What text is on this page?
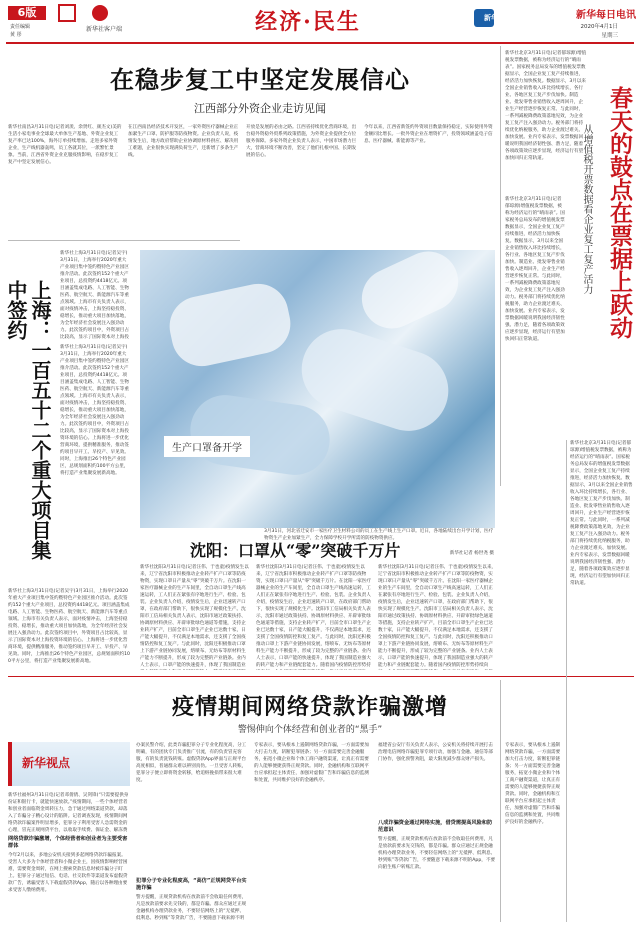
6版
责任编辑
黄 彤
新华社客户端	经济·民生	新华网	新华每日电讯
2020年4月1日
星期三
在稳步复工中坚定发展信心
江西部分外资企业走访见闻
新华社南昌3月31日电(记者刘羡、余贤红、颜杰文)美的生活小家电事业全球最大单体生产基地、外资企业复工复产率已达100%，海外订单持续增加。走进多家外资企业，生产线机器轰鸣，员工各就其位，一派繁忙景象。当前，江西省外资企业克服疫情影响，在稳步复工复产中坚定发展信心。
在江西南昌经济技术开发区，一家外资医疗器械企业正加紧生产口罩、防护服等防疫物资。企业负责人说，疫情发生后，地方政府帮助企业协调原材料供应、解决用工难题，企业很快实现满负荷生产，还新增了多条生产线。
开放是发展的必由之路。江西省持续优化营商环境，出台稳外资稳外贸系列政策措施，为外资企业提供全方位服务保障。多家外资企业负责人表示，中国市场潜力巨大，营商环境不断改善，坚定了他们扎根中国、长期发展的信心。
今年以来，江西省新签约外资项目数量保持稳定，实际使用外资金额同比增长。一批外资企业在增资扩产，投资领域涵盖电子信息、医疗器械、新能源等产业。
新华社北京3月31日电(记者郁琼源)增值税发票数据，被称为经济运行的“晴雨表”。国家税务总局发布的增值税发票数据显示，全国企业复工复产持续推进，经济活力加快恢复。数据显示，3月以来全国企业销售收入环比持续增长，各行业、各地区复工复产步伐加快。制造业、批发零售业销售收入逐周回升，企业生产经营逐步恢复正常。与此同时，一系列减税降费政策落地见效，为企业复工复产注入强劲动力。税务部门将持续优化纳税服务，助力企业渡过难关、加快发展。业内专家表示，发票数据回暖说明我国经济韧性强、潜力足，随着各项政策效应逐步显现，经济运行有望加快回归正常轨道。	春天的鼓点在票据上跃动
从增值税开票数据看企业复工复产活力
新华社北京3月31日电(记者郁琼源)增值税发票数据，被称为经济运行的“晴雨表”。国家税务总局发布的增值税发票数据显示，全国企业复工复产持续推进，经济活力加快恢复。数据显示，3月以来全国企业销售收入环比持续增长，各行业、各地区复工复产步伐加快。制造业、批发零售业销售收入逐周回升，企业生产经营逐步恢复正常。与此同时，一系列减税降费政策落地见效，为企业复工复产注入强劲动力。税务部门将持续优化纳税服务，助力企业渡过难关、加快发展。业内专家表示，发票数据回暖说明我国经济韧性强、潜力足，随着各项政策效应逐步显现，经济运行有望加快回归正常轨道。
新华社上海3月31日电(记者吴宇)3月31日，上海举行2020年重大产业项目集中签约暨特色产业园区推介活动。此次签约152个重大产业项目，总投资约4418亿元。项目涵盖集成电路、人工智能、生物医药、航空航天、新能源汽车等重点领域。上海市有关负责人表示，面对疫情冲击，上海坚持稳投资、稳增长，推动重大项目加快落地，为全年经济社会发展注入强劲动力。此次签约项目中，外资项目占比较高，显示了国际资本对上海投
上海：一百五十二个重大项目集中签约
新华社上海3月31日电(记者吴宇)3月31日，上海举行2020年重大产业项目集中签约暨特色产业园区推介活动。此次签约152个重大产业项目，总投资约4418亿元。项目涵盖集成电路、人工智能、生物医药、航空航天、新能源汽车等重点领域。上海市有关负责人表示，面对疫情冲击，上海坚持稳投资、稳增长，推动重大项目加快落地，为全年经济社会发展注入强劲动力。此次签约项目中，外资项目占比较高，显示了国际资本对上海投资环境的信心。上海将进一步优化营商环境，提供精准服务，推动签约项目早开工、早投产、早见效。同时，上海推出26个特色产业园区，总规划面积约100平方公里，将打造产业集聚发展新高地。
新华社上海3月31日电(记者吴宇)3月31日，上海举行2020年重大产业项目集中签约暨特色产业园区推介活动。此次签约152个重大产业项目，总投资约4418亿元。项目涵盖集成电路、人工智能、生物医药、航空航天、新能源汽车等重点领域。上海市有关负责人表示，面对疫情冲击，上海坚持稳投资、稳增长，推动重大项目加快落地，为全年经济社会发展注入强劲动力。此次签约项目中，外资项目占比较高，显示了国际资本对上海投资环境的信心。上海将进一步优化营商环境，提供精准服务，推动签约项目早开工、早投产、早见效。同时，上海推出26个特色产业园区，总规划面积约100平方公里，将打造产业集聚发展新高地。
生产口罩备开学
3月31日，河北省迁安市一家医疗卫生材料公司的员工在生产线上生产口罩。近日，各地陆续出台开学计划，医疗物资生产企业加紧生产，全力保障学校开学所需的防疫物资供应。
新华社记者 杨世尧 摄
沈阳：口罩从“零”突破千万片
新华社沈阳3月31日电(记者汪伟、于也童)疫情发生以来，辽宁省沈阳市积极推动企业转产扩产口罩等防疫物资，实现口罩日产量从“零”突破千万片。在沈阳一家医疗器械企业的生产车间里，全自动口罩生产线高速运转，工人们正在紧张有序地进行生产、检验、包装。企业负责人介绍，疫情发生后，企业迅速转产口罩，在政府部门帮助下，很快实现了规模化生产。沈阳市工信局相关负责人表示，沈阳市通过政策扶持、协调原材料供应、开辟审批绿色通道等措施，支持企业转产扩产，目前全市口罩生产企业已达数十家，日产能大幅提升，不仅满足本地需求，还支援了全国疫情防控和复工复产。与此同时，沈阳还积极推动口罩上下游产业链协同发展，熔喷布、无纺布等原材料生产能力不断提升，形成了较为完整的产业链条。业内人士表示，口罩产能的快速提升，体现了我国制造业
新华社沈阳3月31日电(记者汪伟、于也童)疫情发生以来，辽宁省沈阳市积极推动企业转产扩产口罩等防疫物资，实现口罩日产量从“零”突破千万片。在沈阳一家医疗器械企业的生产车间里，全自动口罩生产线高速运转，工人们正在紧张有序地进行生产、检验、包装。企业负责人介绍，疫情发生后，企业迅速转产口罩，在政府部门帮助下，很快实现了规模化生产。沈阳市工信局相关负责人表示，沈阳市通过政策扶持、协调原材料供应、开辟审批绿色通道等措施，支持企业转产扩产，目前全市口罩生产企业已达数十家，日产能大幅提升，不仅满足本地需求，还支援了全国疫情防控和复工复产。与此同时，沈阳还积极推动口罩上下游产业链协同发展，熔喷布、无纺布等原材料生产能力不断提升，形成了较为完整的产业链条。业内人士表示，口罩产能的快速提升，体现了我国制造业强大的转产能力和产业链配套能力。随着国内疫情防控形势持
新华社沈阳3月31日电(记者汪伟、于也童)疫情发生以来，辽宁省沈阳市积极推动企业转产扩产口罩等防疫物资，实现口罩日产量从“零”突破千万片。在沈阳一家医疗器械企业的生产车间里，全自动口罩生产线高速运转，工人们正在紧张有序地进行生产、检验、包装。企业负责人介绍，疫情发生后，企业迅速转产口罩，在政府部门帮助下，很快实现了规模化生产。沈阳市工信局相关负责人表示，沈阳市通过政策扶持、协调原材料供应、开辟审批绿色通道等措施，支持企业转产扩产，目前全市口罩生产企业已达数十家，日产能大幅提升，不仅满足本地需求，还支援了全国疫情防控和复工复产。与此同时，沈阳还积极推动口罩上下游产业链协同发展，熔喷布、无纺布等原材料生产能力不断提升，形成了较为完整的产业链条。业内人士表示，口罩产能的快速提升，体现了我国制造业强大的转产能力和产业链配套能力。随着国内疫情防控形势持续向
疫情期间网络贷款诈骗激增
警惕伸向个体经营和创业者的“黑手”
新华视点
新华社福州3月31日电(记者邓倩倩、吴剑锋)“只需要提供身份证和银行卡，就能快速放款。”疫情期间，一些个体经营者和创业者面临资金周转压力，急于通过网络渠道贷款，却落入了诈骗分子精心设计的陷阱。记者调查发现，疫情期间网络贷款诈骗案件明显增多，犯罪分子利用受害人急需资金的心理，冒充正规网贷平台，以收取手续费、保证金、解冻费
网络贷款诈骗激增，个体经营者和创业者为主要受害群体
今年2月以来，多地公安机关接到多起网络贷款诈骗报案。受害人大多为个体经营者和小微企业主，因疫情影响经营困难，需要资金周转，在网上搜索贷款信息时被诈骗分子盯上。犯罪分子通过短信、电话、社交软件等渠道发布虚假贷款广告，诱骗受害人下载虚假贷款App，随后以各种理由要求受害人缴纳费用。
办案民警介绍，此类诈骗犯罪分子专业化程度高，分工明确，有的团伙专门负责推广引流，有的负责冒充客服，有的负责洗钱转账。虚假贷款App界面与正规平台高度相似，普通群众难以辨别真伪。一旦受害人转账，犯罪分子便立即将资金转移，给追赃挽损带来很大难度。
犯罪分子专业化程度高，“高仿”正规网贷平台实施诈骗
警方提醒，正规贷款机构在放款前不会收取任何费用，凡是放款前要求先交钱的，都是诈骗。群众应通过正规金融机构办理贷款业务，不要轻信网络上的“无抵押、低利息、秒到账”等贷款广告，不要随意下载来源不明
专家表示，要从根本上遏制网络贷款诈骗，一方面需要加大打击力度，斩断犯罪链条；另一方面需要完善金融服务，拓宽小微企业和个体工商户融资渠道，让真正有需要的人能够便捷获得正规贷款。同时，金融机构和互联网平台应承担起主体责任，加强对虚假广告和诈骗信息的监测和处置，共同维护良好的金融秩序。
福建省公安厅有关负责人表示，公安机关将持续开展打击治理电信网络诈骗犯罪专项行动，加强与金融、通信等部门协作，强化预警劝阻，最大限度减少群众财产损失。
八成诈骗资金通过网络实施，借贷需提高风险和防范意识
警方提醒，正规贷款机构在放款前不会收取任何费用，凡是放款前要求先交钱的，都是诈骗。群众应通过正规金融机构办理贷款业务，不要轻信网络上的“无抵押、低利息、秒到账”等贷款广告，不要随意下载来源不明的App，不要向陌生账户转账汇款。
新华社北京3月31日电(记者郁琼源)增值税发票数据，被称为经济运行的“晴雨表”。国家税务总局发布的增值税发票数据显示，全国企业复工复产持续推进，经济活力加快恢复。数据显示，3月以来全国企业销售收入环比持续增长，各行业、各地区复工复产步伐加快。制造业、批发零售业销售收入逐周回升，企业生产经营逐步恢复正常。与此同时，一系列减税降费政策落地见效，为企业复工复产注入强劲动力。税务部门将持续优化纳税服务，助力企业渡过难关、加快发展。业内专家表示，发票数据回暖说明我国经济韧性强、潜力足，随着各项政策效应逐步显现，经济运行有望加快回归正常轨道。
专家表示，要从根本上遏制网络贷款诈骗，一方面需要加大打击力度，斩断犯罪链条；另一方面需要完善金融服务，拓宽小微企业和个体工商户融资渠道，让真正有需要的人能够便捷获得正规贷款。同时，金融机构和互联网平台应承担起主体责任，加强对虚假广告和诈骗信息的监测和处置，共同维护良好的金融秩序。
